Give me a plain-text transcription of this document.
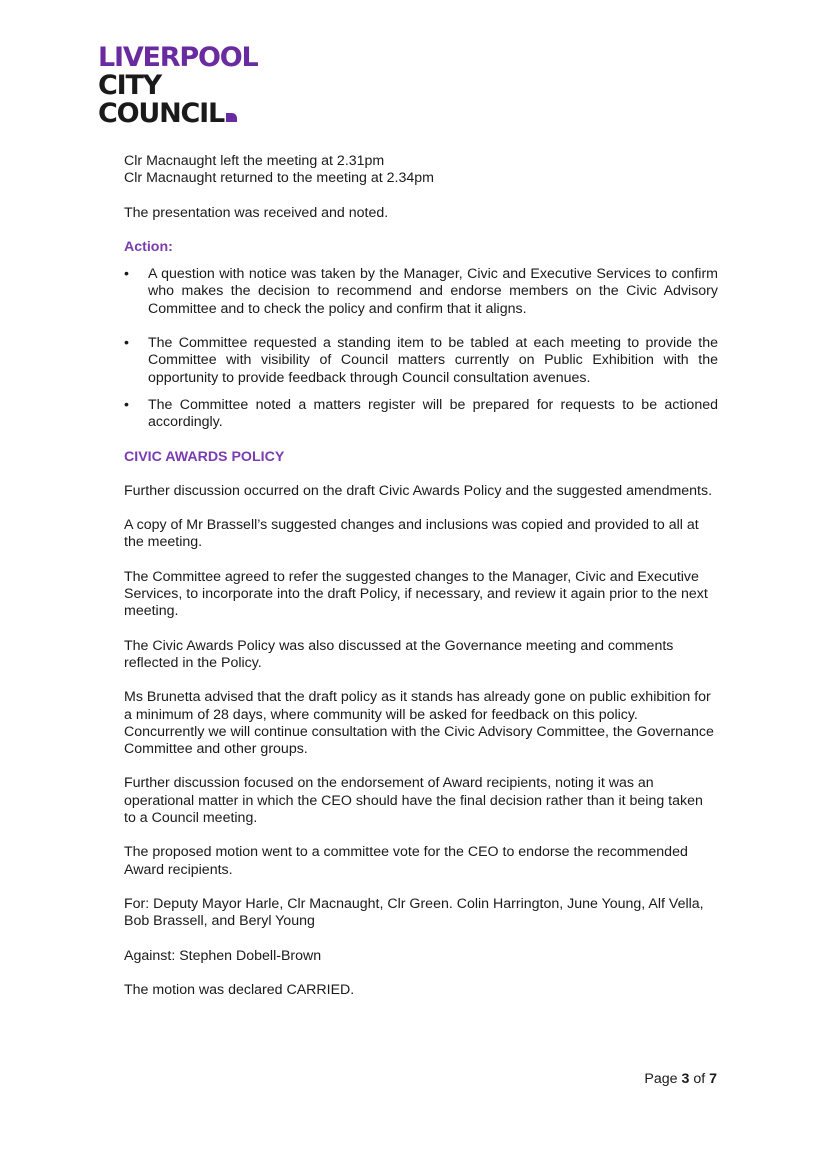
LIVERPOOL
CITY
COUNCIL

Clr Macnaught left the meeting at 2.31pm

Clr Macnaught returned to the meeting at 2.34pm

The presentation was received and noted.

Action:

• A question with notice was taken by the Manager, Civic and Executive Services to confirm who makes the decision to recommend and endorse members on the Civic Advisory Committee and to check the policy and confirm that it aligns.
• The Committee requested a standing item to be tabled at each meeting to provide the Committee with visibility of Council matters currently on Public Exhibition with the opportunity to provide feedback through Council consultation avenues.
• The Committee noted a matters register will be prepared for requests to be actioned accordingly.

CIVIC AWARDS POLICY

Further discussion occurred on the draft Civic Awards Policy and the suggested amendments.

A copy of Mr Brassell’s suggested changes and inclusions was copied and provided to all at the meeting.

The Committee agreed to refer the suggested changes to the Manager, Civic and Executive Services, to incorporate into the draft Policy, if necessary, and review it again prior to the next meeting.

The Civic Awards Policy was also discussed at the Governance meeting and comments reflected in the Policy.

Ms Brunetta advised that the draft policy as it stands has already gone on public exhibition for a minimum of 28 days, where community will be asked for feedback on this policy. Concurrently we will continue consultation with the Civic Advisory Committee, the Governance Committee and other groups.

Further discussion focused on the endorsement of Award recipients, noting it was an operational matter in which the CEO should have the final decision rather than it being taken to a Council meeting.

The proposed motion went to a committee vote for the CEO to endorse the recommended Award recipients.

For: Deputy Mayor Harle, Clr Macnaught, Clr Green. Colin Harrington, June Young, Alf Vella, Bob Brassell, and Beryl Young

Against: Stephen Dobell-Brown

The motion was declared CARRIED.

Page 3 of 7
